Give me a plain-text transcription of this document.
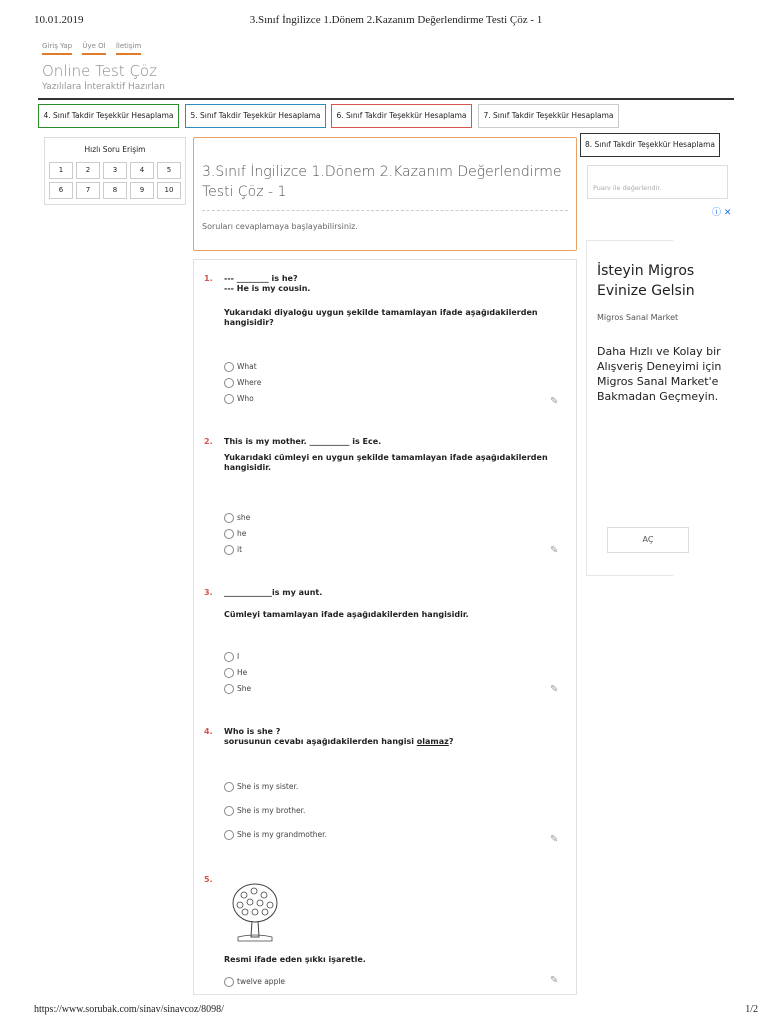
10.01.2019	3.Sınıf İngilizce 1.Dönem 2.Kazanım Değerlendirme Testi Çöz - 1
Giriş Yap Üye Ol İletişim
Online Test Çöz
Yazılılara İnteraktif Hazırlan
4. Sınıf Takdir Teşekkür Hesaplama	5. Sınıf Takdir Teşekkür Hesaplama	6. Sınıf Takdir Teşekkür Hesaplama	7. Sınıf Takdir Teşekkür Hesaplama
8. Sınıf Takdir Teşekkür Hesaplama
Hızlı Soru Erişim
1	2	3	4	5
6	7	8	9	10
3.Sınıf İngilizce 1.Dönem 2.Kazanım Değerlendirme Testi Çöz - 1
Soruları cevaplamaya başlayabilirsiniz.
1. --- ________ is he?
--- He is my cousin.
Yukarıdaki diyaloğu uygun şekilde tamamlayan ifade aşağıdakilerden hangisidir?
What
Where
Who	✎
2. This is my mother. __________ is Ece.
Yukarıdaki cümleyi en uygun şekilde tamamlayan ifade aşağıdakilerden hangisidir.
she
he
it	✎
3. ____________is my aunt.
Cümleyi tamamlayan ifade aşağıdakilerden hangisidir.
I
He
She	✎
4. Who is she ?
sorusunun cevabı aşağıdakilerden hangisi olamaz?
She is my sister.
She is my brother.
She is my grandmother.	✎
5.
Resmi ifade eden şıkkı işaretle.
twelve apple	✎
Puanı ile değerlendir.
ⓘ ✕
İsteyin Migros Evinize Gelsin
Migros Sanal Market
Daha Hızlı ve Kolay bir Alışveriş Deneyimi için Migros Sanal Market'e Bakmadan Geçmeyin.
AÇ
https://www.sorubak.com/sinav/sinavcoz/8098/	1/2
